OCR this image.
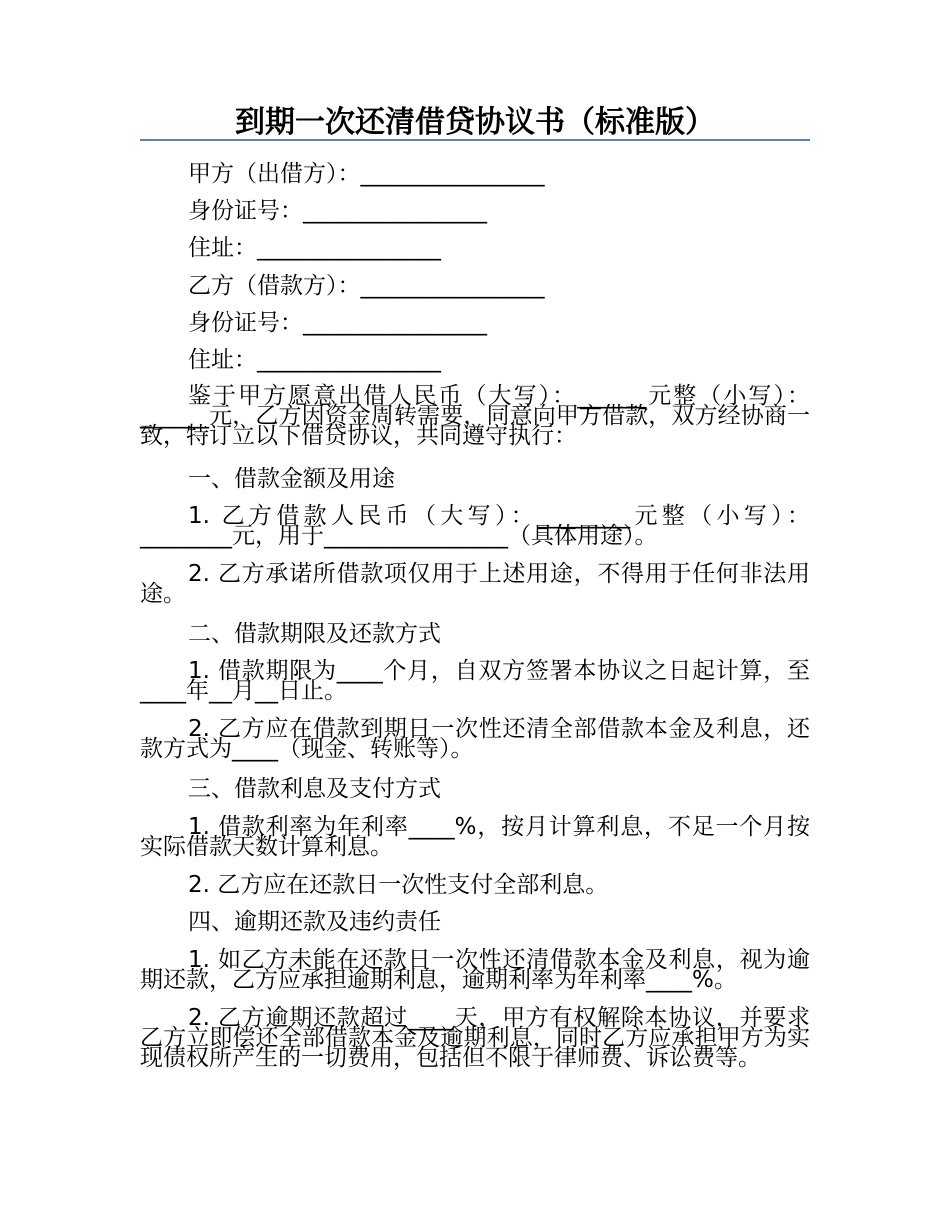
到期一次还清借贷协议书（标准版）
甲方（出借方）：________________
身份证号：________________
住址：________________
乙方（借款方）：________________
身份证号：________________
住址：________________
鉴于甲方愿意出借人民币（大写）：______元整（小写）：______元，乙方因资金周转需要，同意向甲方借款，双方经协商一致，特订立以下借贷协议，共同遵守执行：
一、借款金额及用途
1. 乙方借款人民币（大写）：________元整（小写）：________元，用于________________（具体用途）。
2. 乙方承诺所借款项仅用于上述用途，不得用于任何非法用途。
二、借款期限及还款方式
1. 借款期限为____个月，自双方签署本协议之日起计算，至____年__月__日止。
2. 乙方应在借款到期日一次性还清全部借款本金及利息，还款方式为____（现金、转账等）。
三、借款利息及支付方式
1. 借款利率为年利率____%，按月计算利息，不足一个月按实际借款天数计算利息。
2. 乙方应在还款日一次性支付全部利息。
四、逾期还款及违约责任
1. 如乙方未能在还款日一次性还清借款本金及利息，视为逾期还款，乙方应承担逾期利息，逾期利率为年利率____%。
2. 乙方逾期还款超过____天，甲方有权解除本协议，并要求乙方立即偿还全部借款本金及逾期利息，同时乙方应承担甲方为实现债权所产生的一切费用，包括但不限于律师费、诉讼费等。
